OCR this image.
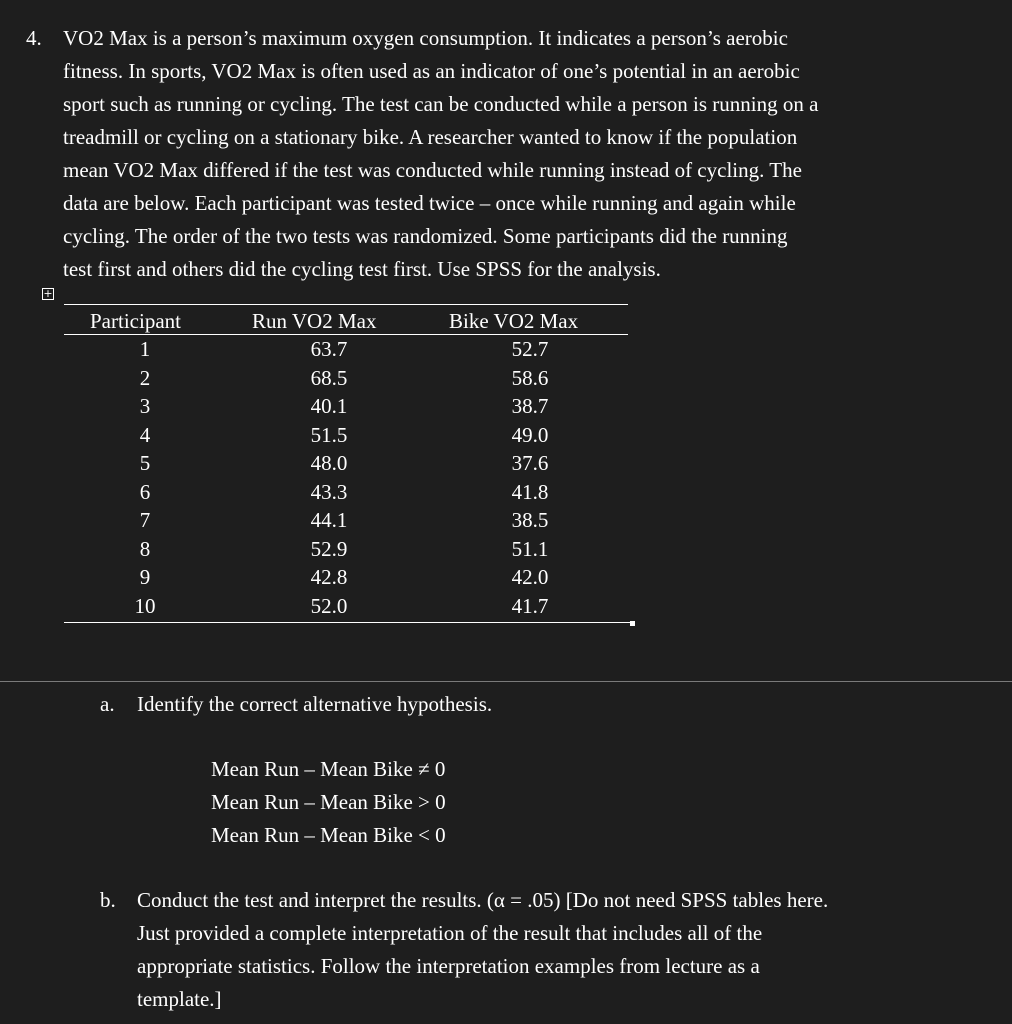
4. VO2 Max is a person’s maximum oxygen consumption. It indicates a person’s aerobic
fitness. In sports, VO2 Max is often used as an indicator of one’s potential in an aerobic
sport such as running or cycling. The test can be conducted while a person is running on a
treadmill or cycling on a stationary bike. A researcher wanted to know if the population
mean VO2 Max differed if the test was conducted while running instead of cycling. The
data are below. Each participant was tested twice – once while running and again while
cycling. The order of the two tests was randomized. Some participants did the running
test first and others did the cycling test first. Use SPSS for the analysis.
+
Participant	Run VO2 Max	Bike VO2 Max
1	63.7	52.7
2	68.5	58.6
3	40.1	38.7
4	51.5	49.0
5	48.0	37.6
6	43.3	41.8
7	44.1	38.5
8	52.9	51.1
9	42.8	42.0
10	52.0	41.7
a. Identify the correct alternative hypothesis.
Mean Run – Mean Bike ≠ 0
Mean Run – Mean Bike > 0
Mean Run – Mean Bike < 0
b. Conduct the test and interpret the results. (α = .05) [Do not need SPSS tables here.
Just provided a complete interpretation of the result that includes all of the
appropriate statistics. Follow the interpretation examples from lecture as a
template.]
